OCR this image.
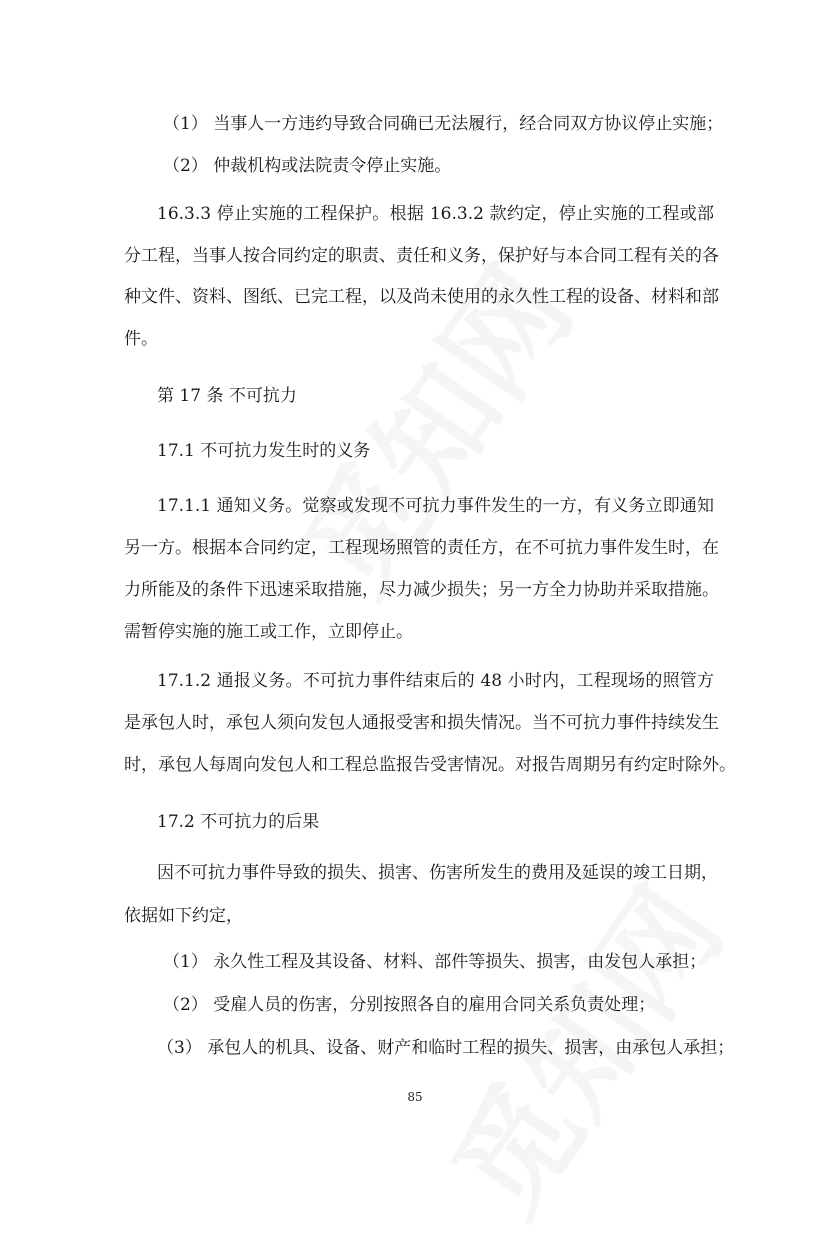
（1） 当事人一方违约导致合同确已无法履行，经合同双方协议停止实施；

（2） 仲裁机构或法院责令停止实施。

16.3.3 停止实施的工程保护。根据 16.3.2 款约定，停止实施的工程或部

分工程，当事人按合同约定的职责、责任和义务，保护好与本合同工程有关的各

种文件、资料、图纸、已完工程，以及尚未使用的永久性工程的设备、材料和部

件。

第 17 条 不可抗力

17.1 不可抗力发生时的义务

17.1.1 通知义务。觉察或发现不可抗力事件发生的一方，有义务立即通知

另一方。根据本合同约定，工程现场照管的责任方，在不可抗力事件发生时，在

力所能及的条件下迅速采取措施，尽力减少损失；另一方全力协助并采取措施。

需暂停实施的施工或工作，立即停止。

17.1.2 通报义务。不可抗力事件结束后的 48 小时内，工程现场的照管方

是承包人时，承包人须向发包人通报受害和损失情况。当不可抗力事件持续发生

时，承包人每周向发包人和工程总监报告受害情况。对报告周期另有约定时除外。

17.2 不可抗力的后果

因不可抗力事件导致的损失、损害、伤害所发生的费用及延误的竣工日期，

依据如下约定，

（1） 永久性工程及其设备、材料、部件等损失、损害，由发包人承担；

（2） 受雇人员的伤害，分别按照各自的雇用合同关系负责处理；

（3） 承包人的机具、设备、财产和临时工程的损失、损害，由承包人承担；

85
